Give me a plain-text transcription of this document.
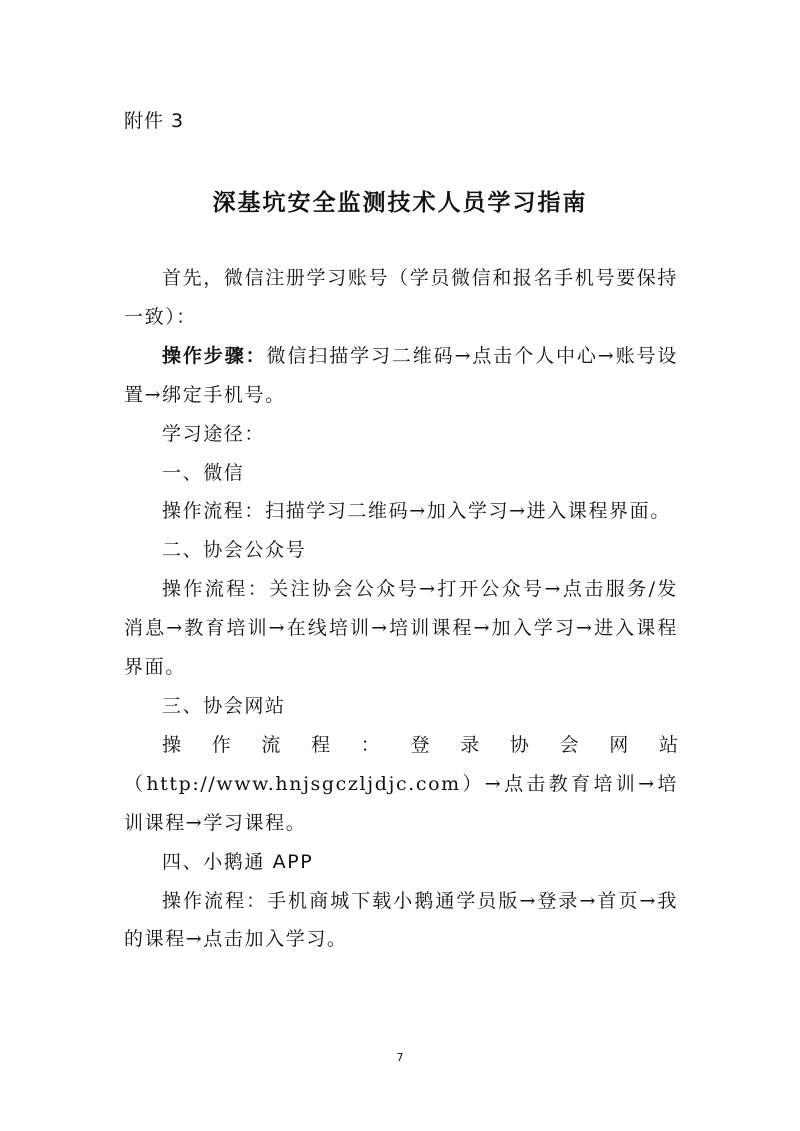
附件 3
深基坑安全监测技术人员学习指南

首先，微信注册学习账号（学员微信和报名手机号要保持一致）：

操作步骤：微信扫描学习二维码→点击个人中心→账号设置→绑定手机号。

学习途径：

一、微信

操作流程：扫描学习二维码→加入学习→进入课程界面。

二、协会公众号

操作流程：关注协会公众号→打开公众号→点击服务/发消息→教育培训→在线培训→培训课程→加入学习→进入课程界面。

三、协会网站

操作流程：登录协会网站

（http://www.hnjsgczljdjc.com）→点击教育培训→培训课程→学习课程。

四、小鹅通 APP

操作流程：手机商城下载小鹅通学员版→登录→首页→我的课程→点击加入学习。

7
